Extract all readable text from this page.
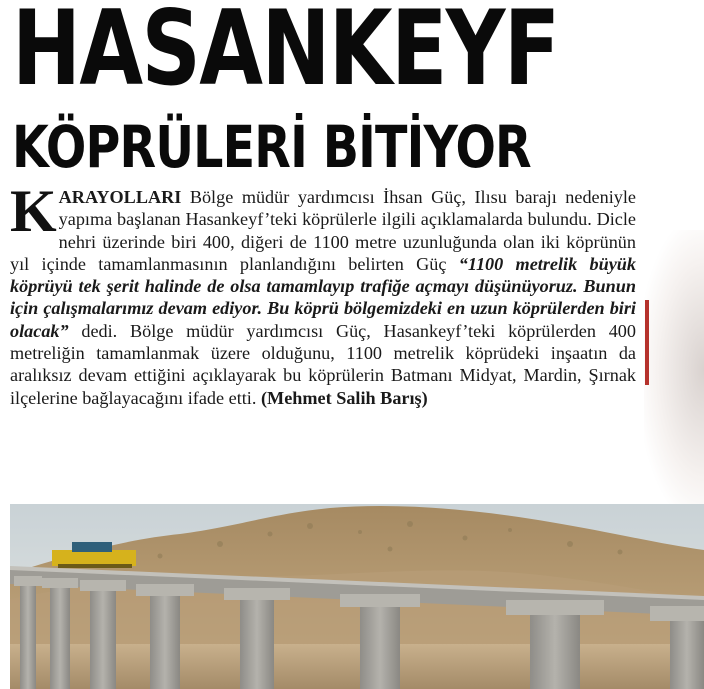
HASANKEYF
KÖPRÜLERİ BİTİYOR

KARAYOLLARI Bölge müdür yardımcısı İhsan Güç, Ilısu barajı nedeniyle yapıma başlanan Hasankeyf’teki köprülerle ilgili açıklamalarda bulundu. Dicle nehri üzerinde biri 400, diğeri de 1100 metre uzunluğunda olan iki köprünün yıl içinde tamamlanmasının planlandığını belirten Güç “1100 metrelik büyük köprüyü tek şerit halinde de olsa tamamlayıp trafiğe açmayı düşünüyoruz. Bunun için çalışmalarımız devam ediyor. Bu köprü bölgemizdeki en uzun köprülerden biri olacak” dedi. Bölge müdür yardımcısı Güç, Hasankeyf’teki köprülerden 400 metreliğin tamamlanmak üzere olduğunu, 1100 metrelik köprüdeki inşaatın da aralıksız devam ettiğini açıklayarak bu köprülerin Batmanı Midyat, Mardin, Şırnak ilçelerine bağlayacağını ifade etti. (Mehmet Salih Barış)
